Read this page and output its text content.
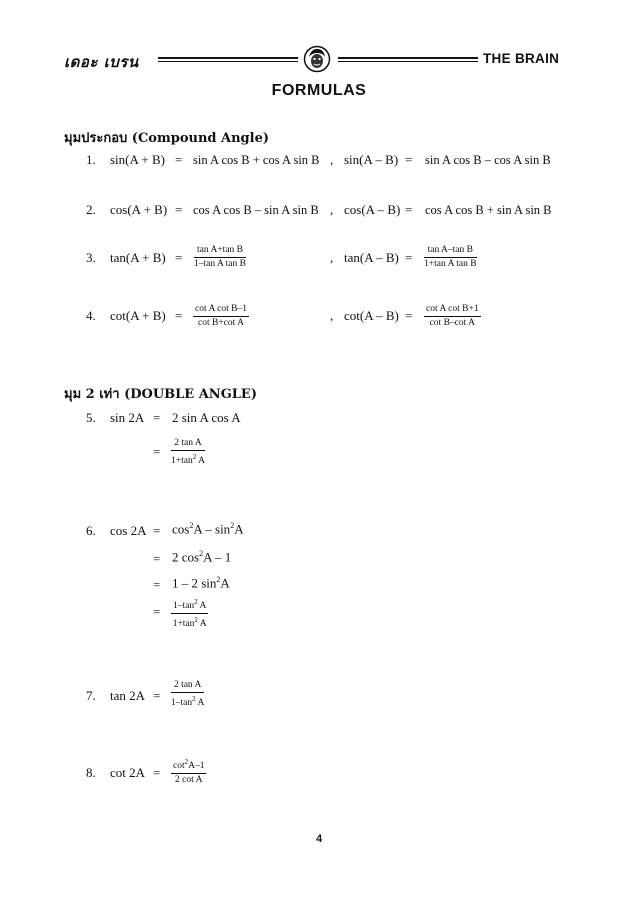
เดอะ เบรน	THE BRAIN
FORMULAS
มุมประกอบ (Compound Angle)
1. sin(A + B) = sin A cos B + cos A sin B , sin(A – B) = sin A cos B – cos A sin B
2. cos(A + B) = cos A cos B – sin A sin B , cos(A – B) = cos A cos B + sin A sin B
3. $\tan(A + B) = \frac{\text{tan A+tan B}}{\text{1–tan A tan B}}$	, $\tan(A - B) = \frac{\text{tan A–tan B}}{\text{1+tan A tan B}}$
4. $\cot(A + B) = \frac{\text{cot A cot B–1}}{\text{cot B+cot A}}$	, $\cot(A - B) = \frac{\text{cot A cot B+1}}{\text{cot B–cot A}}$
มุม 2 เท่า (DOUBLE ANGLE)
5. sin 2A = 2 sin A cos A
= $\frac{\text{2 tan A}}{1+\tan^2 A}$
6. $\cos 2A = \cos^2A - \sin^2A$
= 2 $\cos^2A - 1$
= 1 – 2 $\sin^2A$
= $\frac{1-\tan^2 A}{1+\tan^2 A}$
7. $\tan 2A = \frac{\text{2 tan A}}{1-\tan^2 A}$
8. $\cot 2A = \frac{\cot^2A-1}{\text{2 cot A}}$
4
